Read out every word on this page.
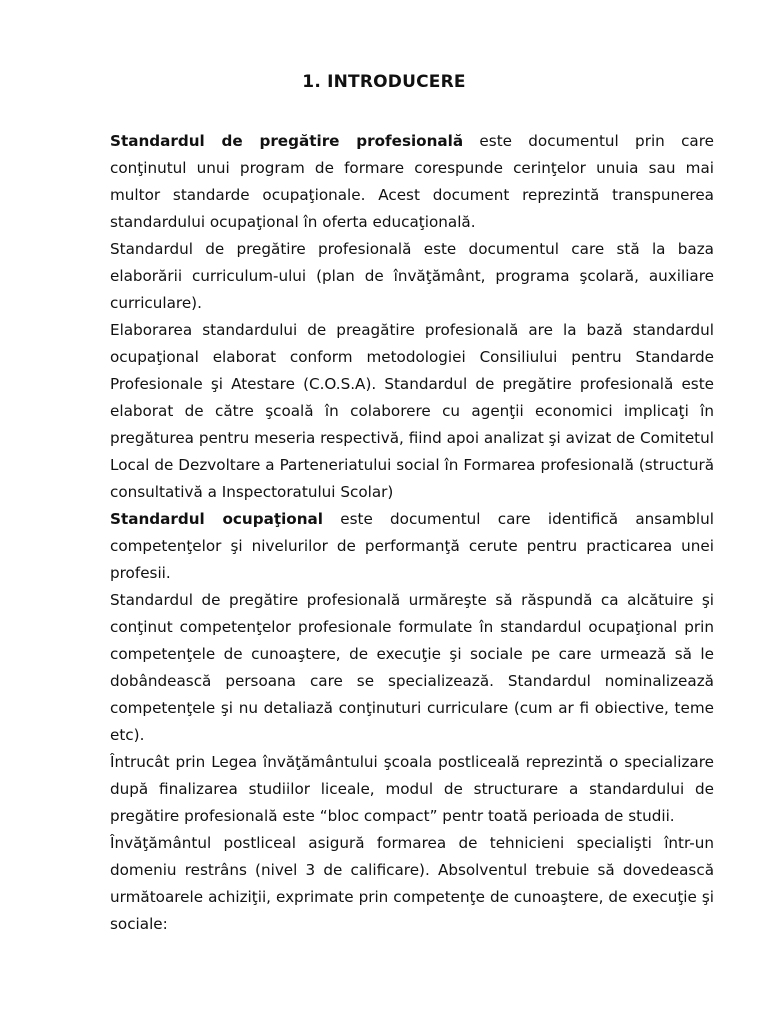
1. INTRODUCERE

Standardul de pregătire profesională este documentul prin care conţinutul unui program de formare corespunde cerinţelor unuia sau mai multor standarde ocupaţionale. Acest document reprezintă transpunerea standardului ocupaţional în oferta educaţională.

Standardul de pregătire profesională este documentul care stă la baza elaborării curriculum-ului (plan de învăţământ, programa şcolară, auxiliare curriculare).

Elaborarea standardului de preagătire profesională are la bază standardul ocupaţional elaborat conform metodologiei Consiliului pentru Standarde Profesionale şi Atestare (C.O.S.A). Standardul de pregătire profesională este elaborat de către şcoală în colaborere cu agenţii economici implicaţi în pregăturea pentru meseria respectivă, fiind apoi analizat şi avizat de Comitetul Local de Dezvoltare a Parteneriatului social în Formarea profesională (structură consultativă a Inspectoratului Scolar)

Standardul ocupaţional este documentul care identifică ansamblul competenţelor şi nivelurilor de performanţă cerute pentru practicarea unei profesii.

Standardul de pregătire profesională urmăreşte să răspundă ca alcătuire şi conţinut competenţelor profesionale formulate în standardul ocupaţional prin competenţele de cunoaştere, de execuţie şi sociale pe care urmează să le dobândească persoana care se specializează. Standardul nominalizează competenţele şi nu detaliază conţinuturi curriculare (cum ar fi obiective, teme etc).

Întrucât prin Legea învăţământului şcoala postliceală reprezintă o specializare după finalizarea studiilor liceale, modul de structurare a standardului de pregătire profesională este “bloc compact” pentr toată perioada de studii.

Învăţământul postliceal asigură formarea de tehnicieni specialişti într-un domeniu restrâns (nivel 3 de calificare). Absolventul trebuie să dovedească următoarele achiziţii, exprimate prin competenţe de cunoaştere, de execuţie şi sociale:
